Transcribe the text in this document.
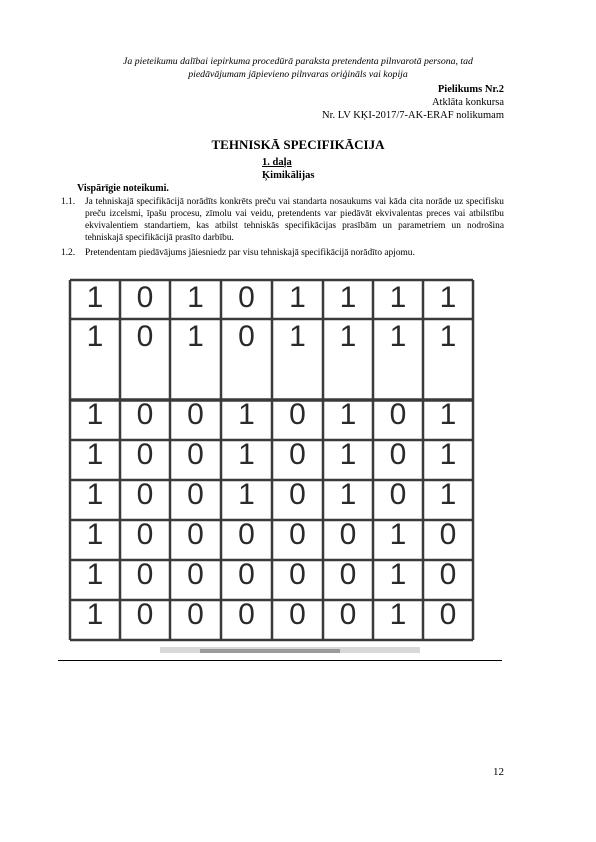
Ja pieteikumu dalībai iepirkuma procedūrā paraksta pretendenta pilnvarotā persona, tad
piedāvājumam jāpievieno pilnvaras oriģināls vai kopija
Pielikums Nr.2
Atklāta konkursa
Nr. LV KĶI-2017/7-AK-ERAF nolikumam
TEHNISKĀ SPECIFIKĀCIJA
1. daļa
Ķimikālijas
Vispārīgie noteikumi.
1.1. Ja tehniskajā specifikācijā norādīts konkrēts preču vai standarta nosaukums vai kāda cita norāde uz specifisku preču izcelsmi, īpašu procesu, zīmolu vai veidu, pretendents var piedāvāt ekvivalentas preces vai atbilstību ekvivalentiem standartiem, kas atbilst tehniskās specifikācijas prasībām un parametriem un nodrošina tehniskajā specifikācijā prasīto darbību.
1.2. Pretendentam piedāvājums jāiesniedz par visu tehniskajā specifikācijā norādīto apjomu.
1 0 1 0 1 1 1 1
1 0 1 0 1 1 1 1
1 0 0 1 0 1 0 1
1 0 0 1 0 1 0 1
1 0 0 1 0 1 0 1
1 0 0 0 0 0 1 0
1 0 0 0 0 0 1 0
1 0 0 0 0 0 1 0
12
